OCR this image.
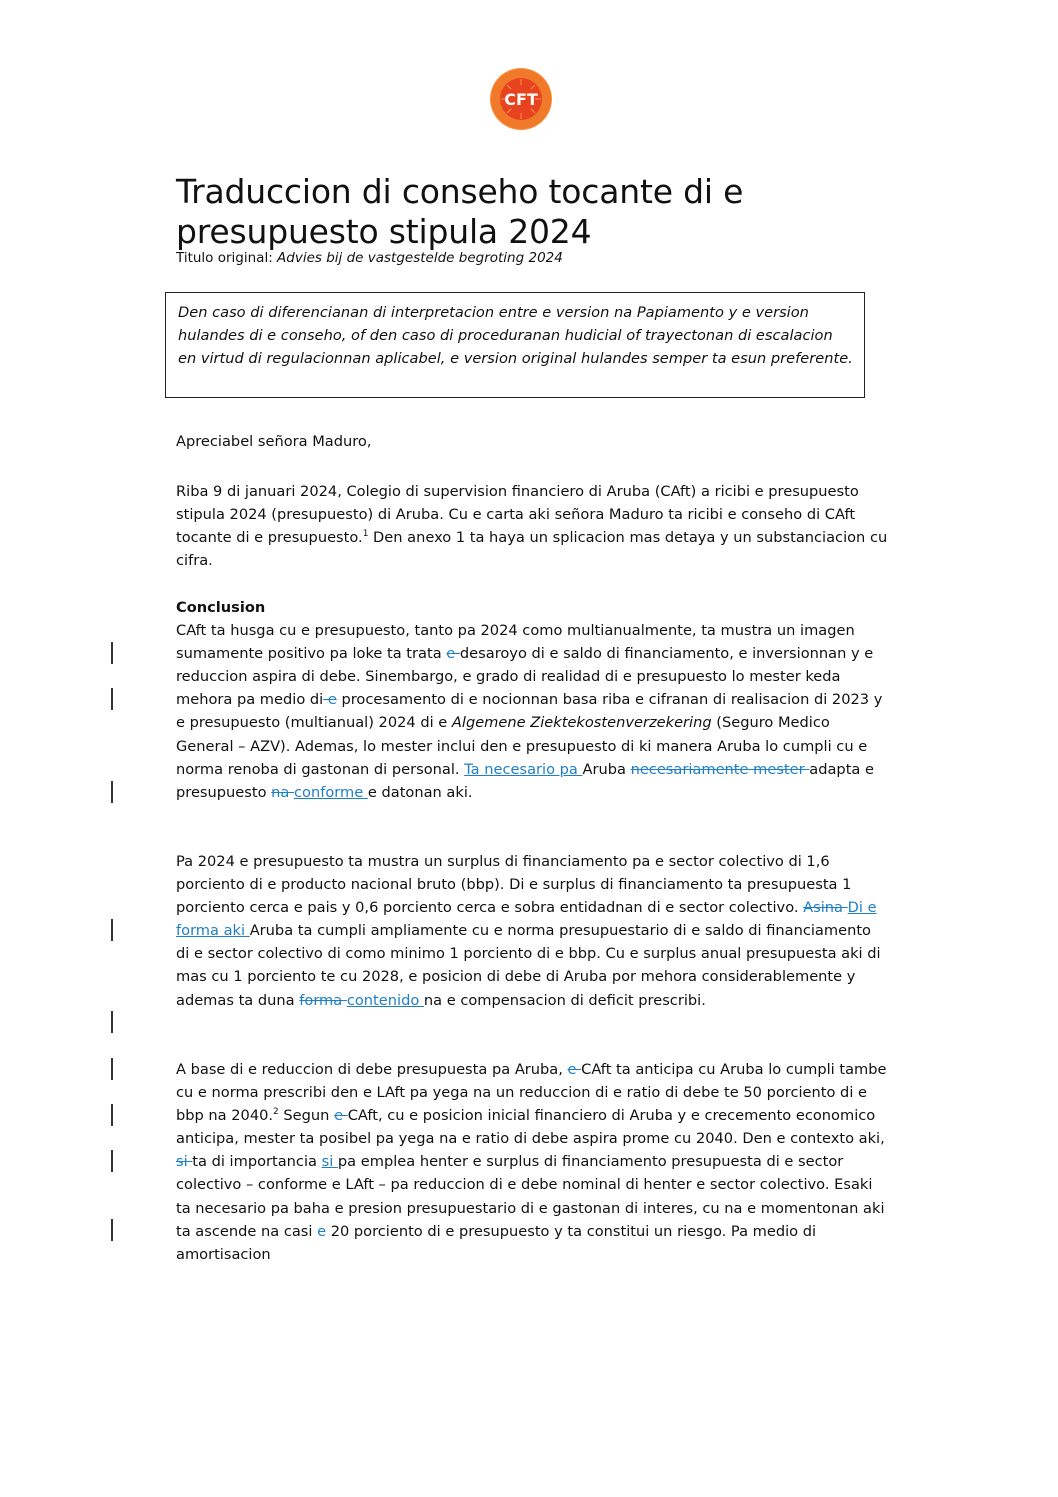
CFT
Traduccion di conseho tocante di e presupuesto stipula 2024
Titulo original: Advies bij de vastgestelde begroting 2024
Den caso di diferencianan di interpretacion entre e version na Papiamento y e version hulandes di e conseho, of den caso di proceduranan hudicial of trayectonan di escalacion en virtud di regulacionnan aplicabel, e version original hulandes semper ta esun preferente.

Apreciabel señora Maduro,

Riba 9 di januari 2024, Colegio di supervision financiero di Aruba (CAft) a ricibi e presupuesto stipula 2024 (presupuesto) di Aruba. Cu e carta aki señora Maduro ta ricibi e conseho di CAft tocante di e presupuesto.$^1$ Den anexo 1 ta haya un splicacion mas detaya y un substanciacion cu cifra.

Conclusion

CAft ta husga cu e presupuesto, tanto pa 2024 como multianualmente, ta mustra un imagen sumamente positivo pa loke ta trata e desaroyo di e saldo di financiamento, e inversionnan y e reduccion aspira di debe. Sinembargo, e grado di realidad di e presupuesto lo mester keda mehora pa medio di e procesamento di e nocionnan basa riba e cifranan di realisacion di 2023 y e presupuesto (multianual) 2024 di e Algemene Ziektekostenverzekering (Seguro Medico General – AZV). Ademas, lo mester inclui den e presupuesto di ki manera Aruba lo cumpli cu e norma renoba di gastonan di personal. Ta necesario pa Aruba necesariamente mester adapta e presupuesto na conforme e datonan aki.

Pa 2024 e presupuesto ta mustra un surplus di financiamento pa e sector colectivo di 1,6 porciento di e producto nacional bruto (bbp). Di e surplus di financiamento ta presupuesta 1 porciento cerca e pais y 0,6 porciento cerca e sobra entidadnan di e sector colectivo. Asina Di e forma aki Aruba ta cumpli ampliamente cu e norma presupuestario di e saldo di financiamento di e sector colectivo di como minimo 1 porciento di e bbp. Cu e surplus anual presupuesta aki di mas cu 1 porciento te cu 2028, e posicion di debe di Aruba por mehora considerablemente y ademas ta duna forma contenido na e compensacion di deficit prescribi.

A base di e reduccion di debe presupuesta pa Aruba, e CAft ta anticipa cu Aruba lo cumpli tambe cu e norma prescribi den e LAft pa yega na un reduccion di e ratio di debe te 50 porciento di e bbp na 2040.$^2$ Segun e CAft, cu e posicion inicial financiero di Aruba y e crecemento economico anticipa, mester ta posibel pa yega na e ratio di debe aspira prome cu 2040. Den e contexto aki, si ta di importancia si pa emplea henter e surplus di financiamento presupuesta di e sector colectivo – conforme e LAft – pa reduccion di e debe nominal di henter e sector colectivo. Esaki ta necesario pa baha e presion presupuestario di e gastonan di interes, cu na e momentonan aki ta ascende na casi e 20 porciento di e presupuesto y ta constitui un riesgo. Pa medio di amortisacion
